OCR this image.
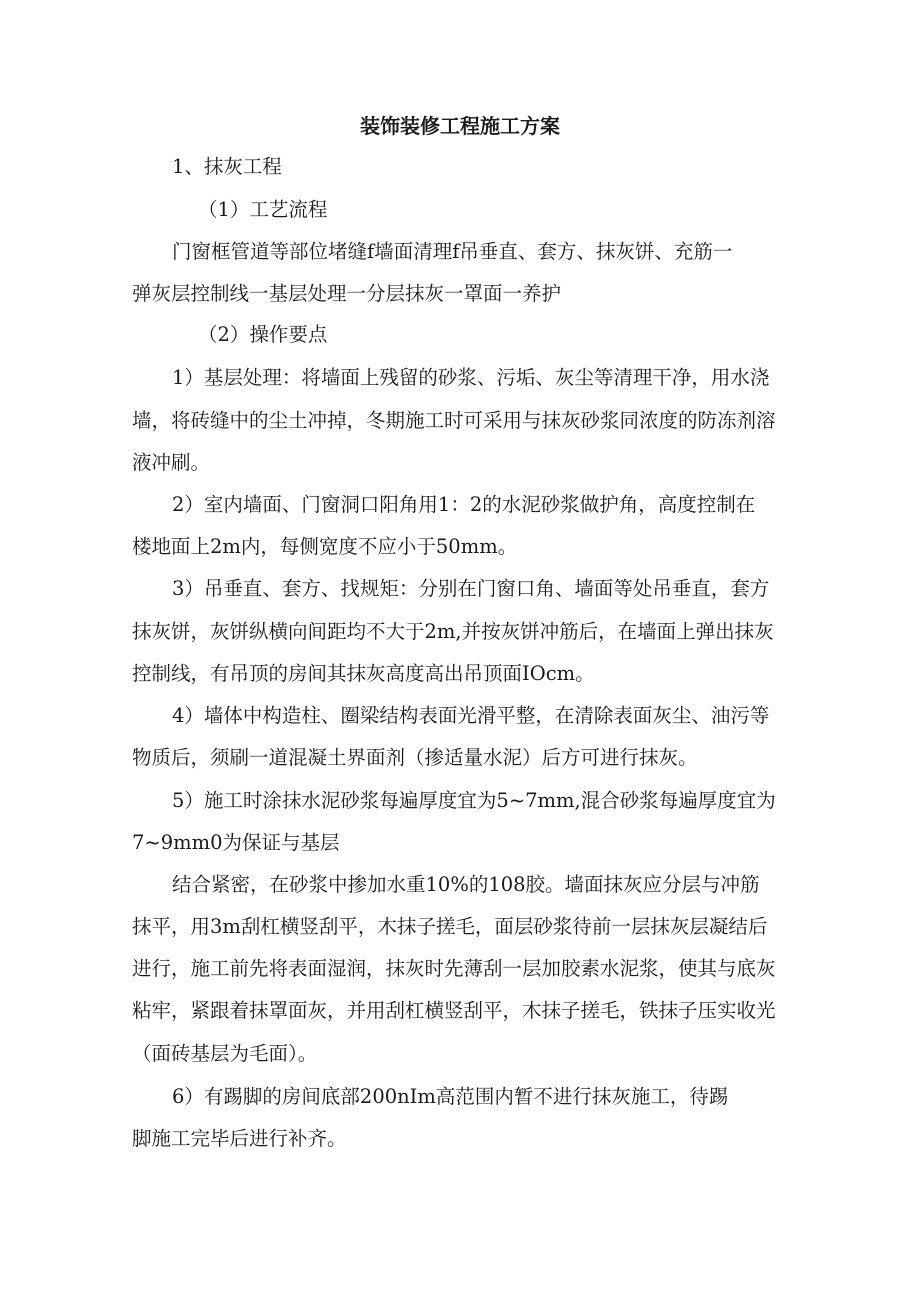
装饰装修工程施工方案

1、抹灰工程

（1）工艺流程

门窗框管道等部位堵缝f墙面清理f吊垂直、套方、抹灰饼、充筋一

弹灰层控制线一基层处理一分层抹灰一罩面一养护

（2）操作要点

1）基层处理：将墙面上残留的砂浆、污垢、灰尘等清理干净，用水浇

墙，将砖缝中的尘土冲掉，冬期施工时可采用与抹灰砂浆同浓度的防冻剂溶

液冲刷。

2）室内墙面、门窗洞口阳角用1：2的水泥砂浆做护角，高度控制在

楼地面上2m内，每侧宽度不应小于50mm。

3）吊垂直、套方、找规矩：分别在门窗口角、墙面等处吊垂直，套方

抹灰饼，灰饼纵横向间距均不大于2m,并按灰饼冲筋后，在墙面上弹出抹灰

控制线，有吊顶的房间其抹灰高度高出吊顶面IOcm。

4）墙体中构造柱、圈梁结构表面光滑平整，在清除表面灰尘、油污等

物质后，须刷一道混凝土界面剂（掺适量水泥）后方可进行抹灰。

5）施工时涂抹水泥砂浆每遍厚度宜为5~7mm,混合砂浆每遍厚度宜为

7~9mm0为保证与基层

结合紧密，在砂浆中掺加水重10%的108胶。墙面抹灰应分层与冲筋

抹平，用3m刮杠横竖刮平，木抹子搓毛，面层砂浆待前一层抹灰层凝结后

进行，施工前先将表面湿润，抹灰时先薄刮一层加胶素水泥浆，使其与底灰

粘牢，紧跟着抹罩面灰，并用刮杠横竖刮平，木抹子搓毛，铁抹子压实收光

（面砖基层为毛面）。

6）有踢脚的房间底部200nIm高范围内暂不进行抹灰施工，待踢

脚施工完毕后进行补齐。
